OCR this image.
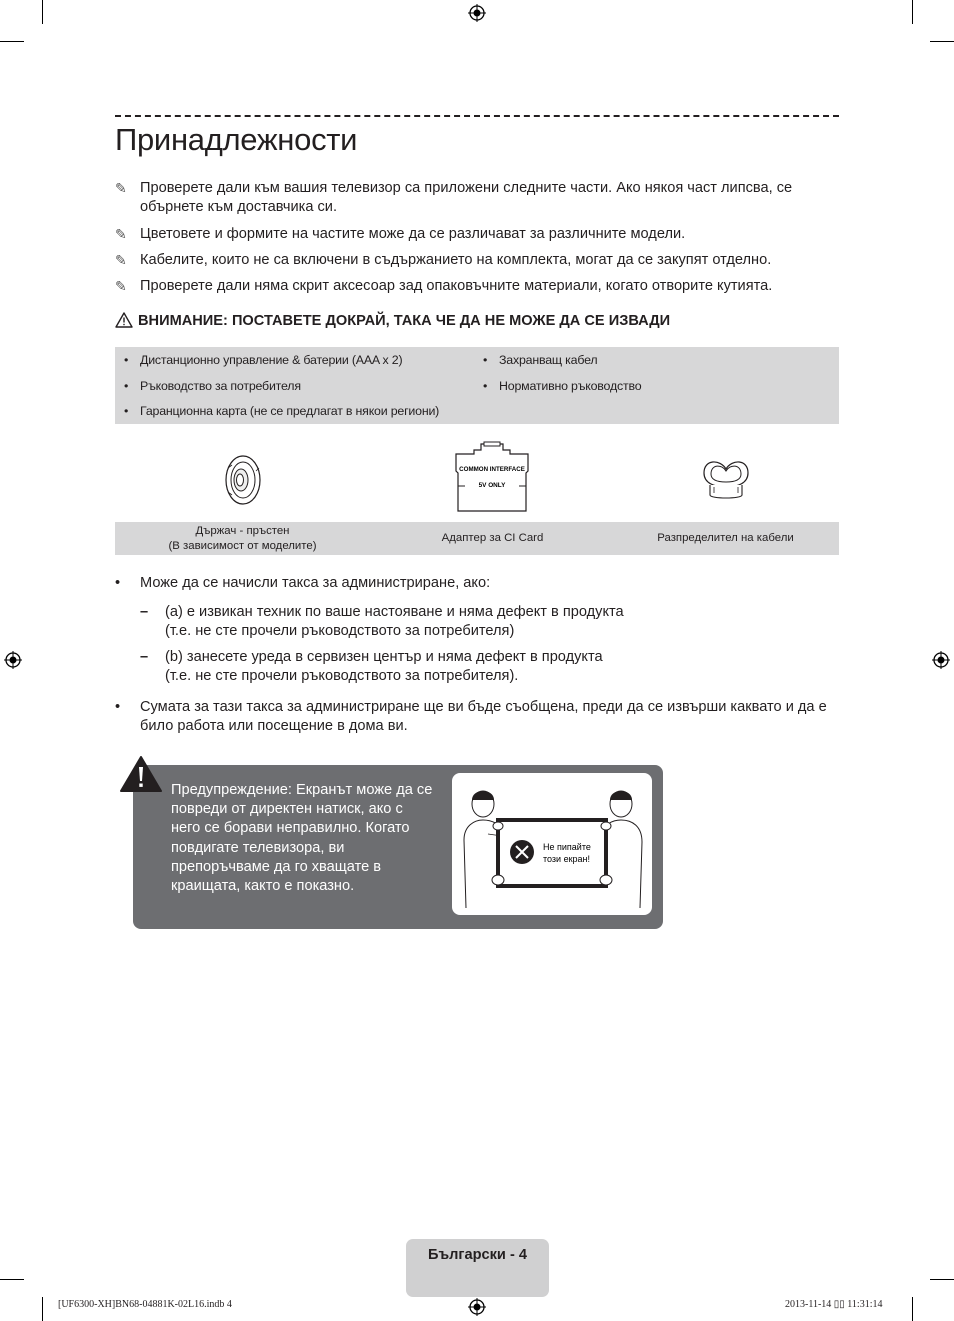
Принадлежности
✎ Проверете дали към вашия телевизор са приложени следните части. Ако някоя част липсва, се обърнете към доставчика си.
✎ Цветовете и формите на частите може да се различават за различните модели.
✎ Кабелите, които не са включени в съдържанието на комплекта, могат да се закупят отделно.
✎ Проверете дали няма скрит аксесоар зад опаковъчните материали, когато отворите кутията.
ВНИМАНИЕ: ПОСТАВЕТЕ ДОКРАЙ, ТАКА ЧЕ ДА НЕ МОЖЕ ДА СЕ ИЗВАДИ
• Дистанционно управление & батерии (AAA x 2)
• Ръководство за потребителя
• Гаранционна карта (не се предлагат в някои региони)
• Захранващ кабел
• Нормативно ръководство
COMMON INTERFACE
5V ONLY
Държач - пръстен
(В зависимост от моделите)
Адаптер за CI Card	Разпределител на кабели
• Може да се начисли такса за администриране, ако:
– (a) е извикан техник по ваше настояване и няма дефект в продукта
(т.е. не сте прочели ръководството за потребителя)
– (b) занесете уреда в сервизен център и няма дефект в продукта
(т.е. не сте прочели ръководството за потребителя).
• Сумата за тази такса за администриране ще ви бъде съобщена, преди да се извърши каквато и да е било работа или посещение в дома ви.
Предупреждение: Екранът може да се повреди от директен натиск, ако с него се борави неправилно. Когато повдигате телевизора, ви препоръчваме да го хващате в краищата, както е показно.
Не пипайте
този екран!
Български - 4
[UF6300-XH]BN68-04881K-02L16.indb 4	2013-11-14 ▯▯ 11:31:14
